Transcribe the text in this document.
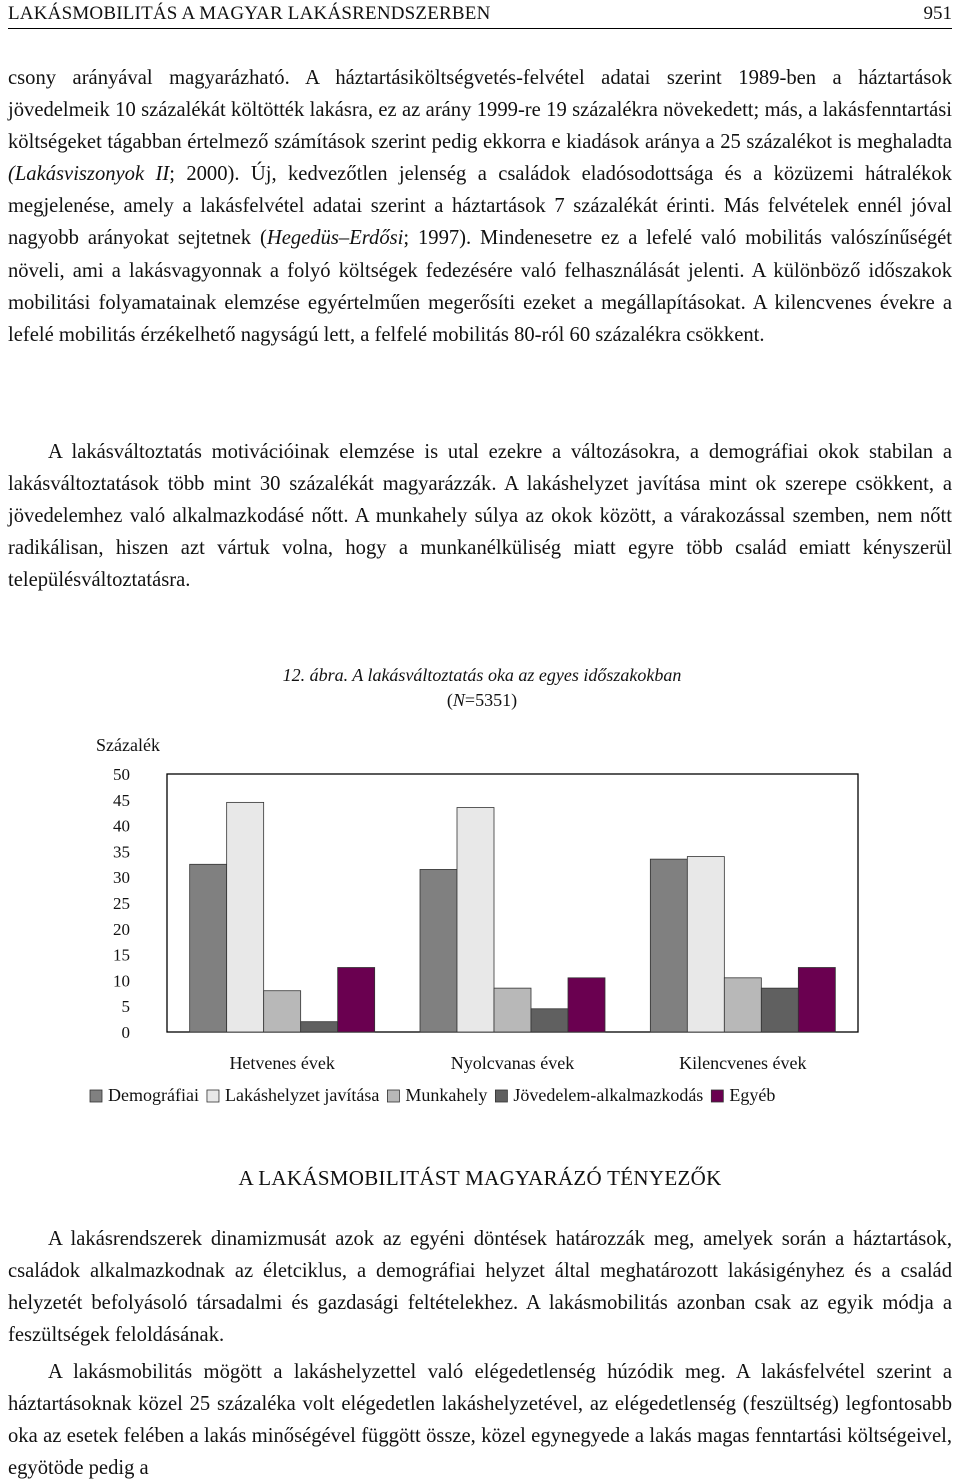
LAKÁSMOBILITÁS A MAGYAR LAKÁSRENDSZERBEN	951

csony arányával magyarázható. A háztartásiköltségvetés-felvétel adatai szerint 1989-ben a háztartások jövedelmeik 10 százalékát költötték lakásra, ez az arány 1999-re 19 százalékra növekedett; más, a lakásfenntartási költségeket tágabban értelmező számítások szerint pedig ekkorra e kiadások aránya a 25 százalékot is meghaladta (Lakásviszonyok II; 2000). Új, kedvezőtlen jelenség a családok eladósodottsága és a közüzemi hátralékok megjelenése, amely a lakásfelvétel adatai szerint a háztartások 7 százalékát érinti. Más felvételek ennél jóval nagyobb arányokat sejtetnek (Hegedüs–Erdősi; 1997). Mindenesetre ez a lefelé való mobilitás valószínűségét növeli, ami a lakásvagyonnak a folyó költségek fedezésére való felhasználását jelenti. A különböző időszakok mobilitási folyamatainak elemzése egyértelműen megerősíti ezeket a megállapításokat. A kilencvenes évekre a lefelé mobilitás érzékelhető nagyságú lett, a felfelé mobilitás 80-ról 60 százalékra csökkent.

A lakásváltoztatás motivációinak elemzése is utal ezekre a változásokra, a demográfiai okok stabilan a lakásváltoztatások több mint 30 százalékát magyarázzák. A lakáshelyzet javítása mint ok szerepe csökkent, a jövedelemhez való alkalmazkodásé nőtt. A munkahely súlya az okok között, a várakozással szemben, nem nőtt radikálisan, hiszen azt vártuk volna, hogy a munkanélküliség miatt egyre több család emiatt kényszerül településváltoztatásra.

12. ábra. A lakásváltoztatás oka az egyes időszakokban
(N=5351)
Százalék
0
5
10
15
20
25
30
35
40
45
50
Hetvenes évek	Nyolcvanas évek	Kilencvenes évek
Demográfiai Lakáshelyzet javítása Munkahely Jövedelem-alkalmazkodás Egyéb
A LAKÁSMOBILITÁST MAGYARÁZÓ TÉNYEZŐK

A lakásrendszerek dinamizmusát azok az egyéni döntések határozzák meg, amelyek során a háztartások, családok alkalmazkodnak az életciklus, a demográfiai helyzet által meghatározott lakásigényhez és a család helyzetét befolyásoló társadalmi és gazdasági feltételekhez. A lakásmobilitás azonban csak az egyik módja a feszültségek feloldásának.

A lakásmobilitás mögött a lakáshelyzettel való elégedetlenség húzódik meg. A lakásfelvétel szerint a háztartásoknak közel 25 százaléka volt elégedetlen lakáshelyzetével, az elégedetlenség (feszültség) legfontosabb oka az esetek felében a lakás minőségével függött össze, közel egynegyede a lakás magas fenntartási költségeivel, egyötöde pedig a
